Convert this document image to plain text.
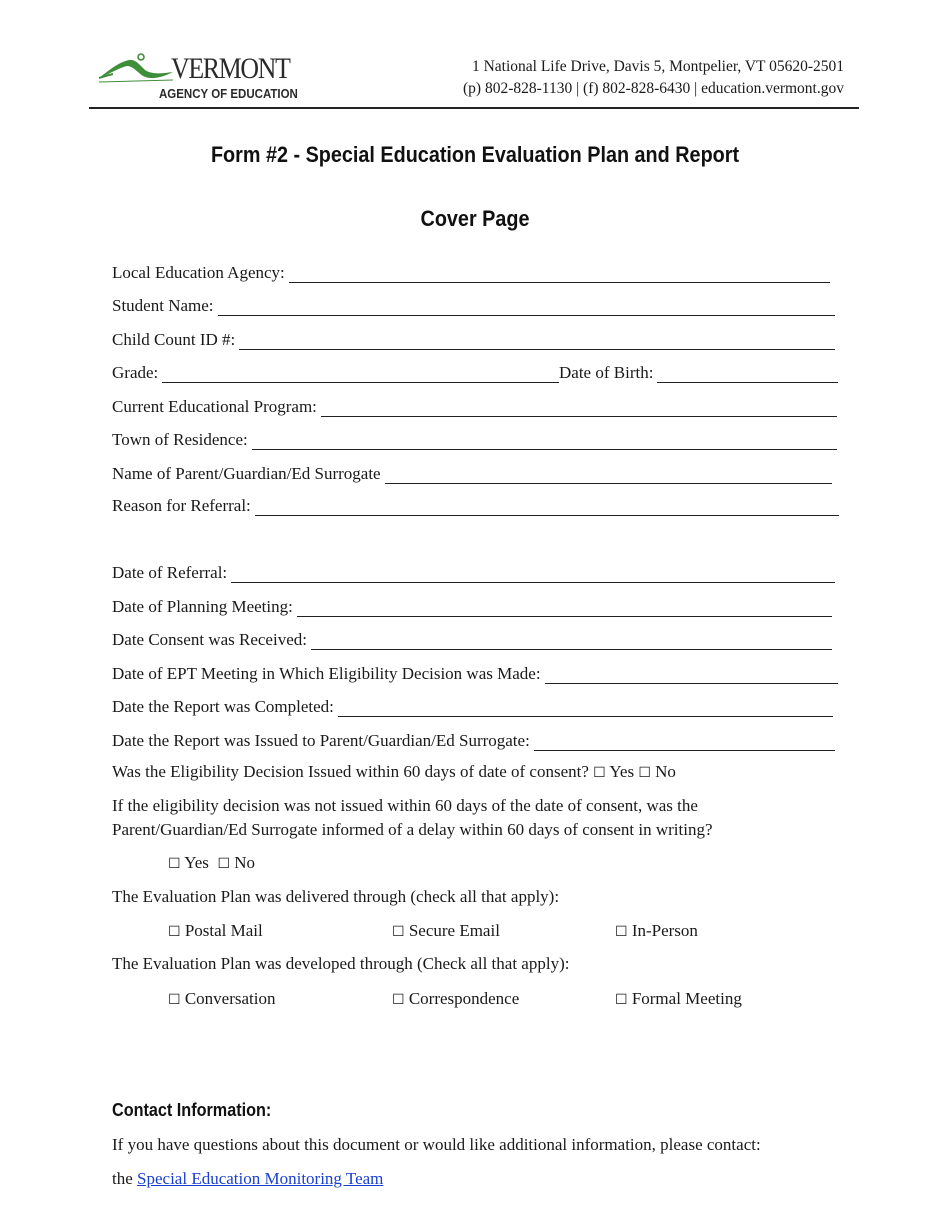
VERMONT
AGENCY OF EDUCATION
1 National Life Drive, Davis 5, Montpelier, VT 05620-2501
(p) 802-828-1130 | (f) 802-828-6430 | education.vermont.gov
Form #2 - Special Education Evaluation Plan and Report
Cover Page
Local Education Agency:
Student Name:
Child Count ID #:
Grade:	Date of Birth:
Current Educational Program:
Town of Residence:
Name of Parent/Guardian/Ed Surrogate
Reason for Referral:
Date of Referral:
Date of Planning Meeting:
Date Consent was Received:
Date of EPT Meeting in Which Eligibility Decision was Made:
Date the Report was Completed:
Date the Report was Issued to Parent/Guardian/Ed Surrogate:
Was the Eligibility Decision Issued within 60 days of date of consent? ☐ Yes ☐ No
If the eligibility decision was not issued within 60 days of the date of consent, was the
Parent/Guardian/Ed Surrogate informed of a delay within 60 days of consent in writing?
☐ Yes ☐ No
The Evaluation Plan was delivered through (check all that apply):
☐ Postal Mail	☐ Secure Email	☐ In-Person
The Evaluation Plan was developed through (Check all that apply):
☐ Conversation	☐ Correspondence	☐ Formal Meeting
Contact Information:
If you have questions about this document or would like additional information, please contact:
the Special Education Monitoring Team
